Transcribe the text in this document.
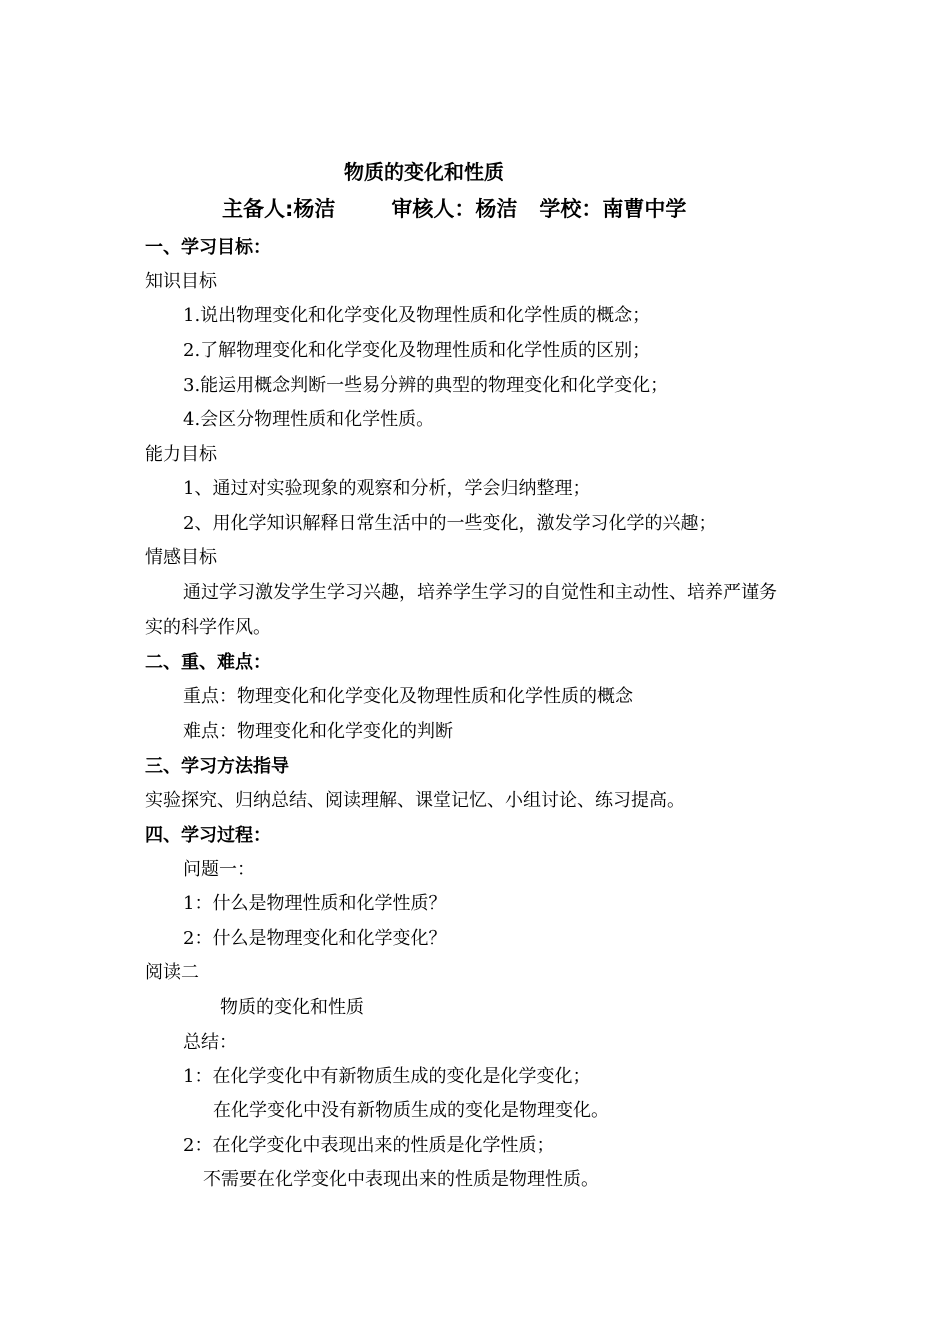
物质的变化和性质
主备人:杨洁	审核人：杨洁 学校：南曹中学
一、学习目标：
知识目标
1.说出物理变化和化学变化及物理性质和化学性质的概念；
2.了解物理变化和化学变化及物理性质和化学性质的区别；
3.能运用概念判断一些易分辨的典型的物理变化和化学变化；
4.会区分物理性质和化学性质。
能力目标
1、通过对实验现象的观察和分析，学会归纳整理；
2、用化学知识解释日常生活中的一些变化，激发学习化学的兴趣；
情感目标
通过学习激发学生学习兴趣，培养学生学习的自觉性和主动性、培养严谨务
实的科学作风。
二、重、难点：
重点：物理变化和化学变化及物理性质和化学性质的概念
难点：物理变化和化学变化的判断
三、学习方法指导
实验探究、归纳总结、阅读理解、课堂记忆、小组讨论、练习提高。
四、学习过程：
问题一：
1：什么是物理性质和化学性质？
2：什么是物理变化和化学变化？
阅读二
物质的变化和性质
总结：
1：在化学变化中有新物质生成的变化是化学变化；
在化学变化中没有新物质生成的变化是物理变化。
2：在化学变化中表现出来的性质是化学性质；
不需要在化学变化中表现出来的性质是物理性质。
